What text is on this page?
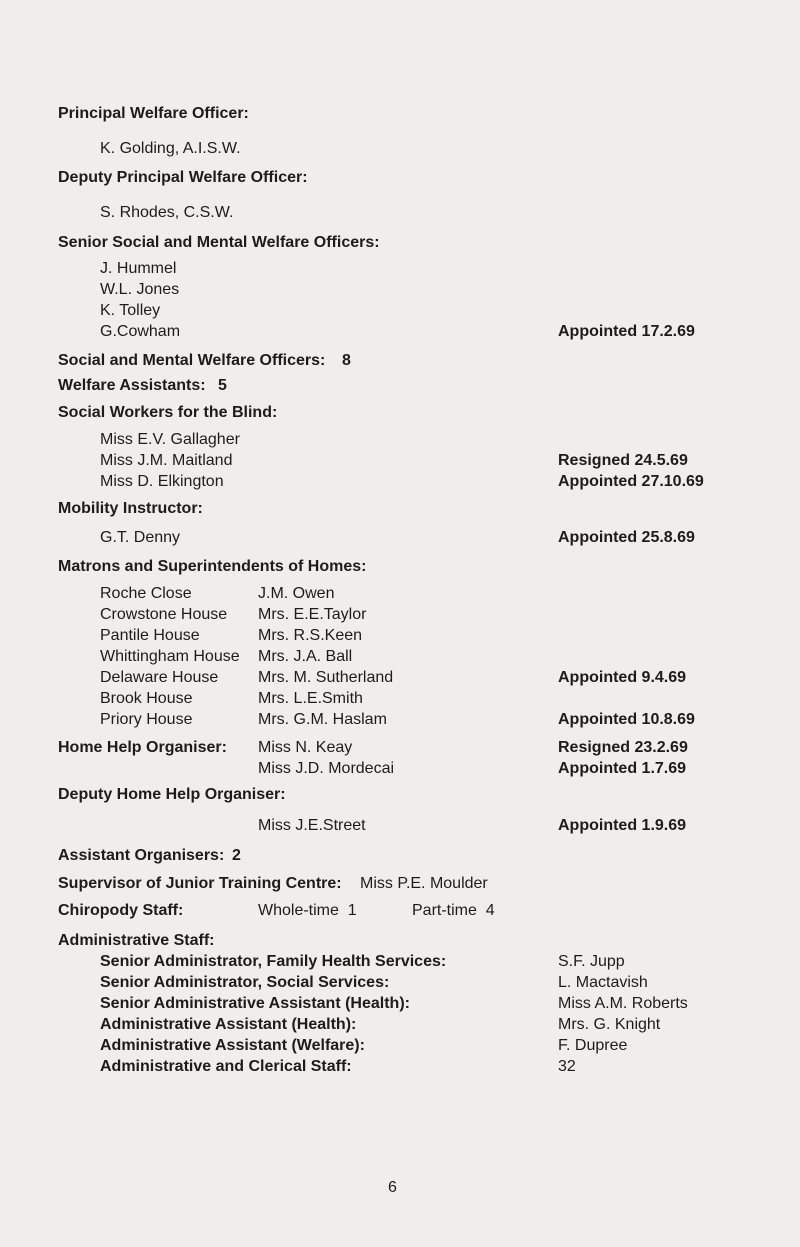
Principal Welfare Officer:
K. Golding, A.I.S.W.
Deputy Principal Welfare Officer:
S. Rhodes, C.S.W.
Senior Social and Mental Welfare Officers:
J. Hummel
W.L. Jones
K. Tolley
G.Cowham	Appointed 17.2.69
Social and Mental Welfare Officers: 8
Welfare Assistants: 5
Social Workers for the Blind:
Miss E.V. Gallagher
Miss J.M. Maitland	Resigned 24.5.69
Miss D. Elkington	Appointed 27.10.69
Mobility Instructor:
G.T. Denny	Appointed 25.8.69
Matrons and Superintendents of Homes:
Roche Close	J.M. Owen
Crowstone House Mrs. E.E.Taylor
Pantile House	Mrs. R.S.Keen
Whittingham House Mrs. J.A. Ball
Delaware House Mrs. M. Sutherland	Appointed 9.4.69
Brook House	Mrs. L.E.Smith
Priory House	Mrs. G.M. Haslam	Appointed 10.8.69
Home Help Organiser: Miss N. Keay	Resigned 23.2.69
Miss J.D. Mordecai	Appointed 1.7.69
Deputy Home Help Organiser:
Miss J.E.Street	Appointed 1.9.69
Assistant Organisers: 2
Supervisor of Junior Training Centre: Miss P.E. Moulder
Chiropody Staff:	Whole-time  1	Part-time  4
Administrative Staff:
Senior Administrator, Family Health Services:	S.F. Jupp
Senior Administrator, Social Services:	L. Mactavish
Senior Administrative Assistant (Health):	Miss A.M. Roberts
Administrative Assistant (Health):	Mrs. G. Knight
Administrative Assistant (Welfare):	F. Dupree
Administrative and Clerical Staff:	32
6
